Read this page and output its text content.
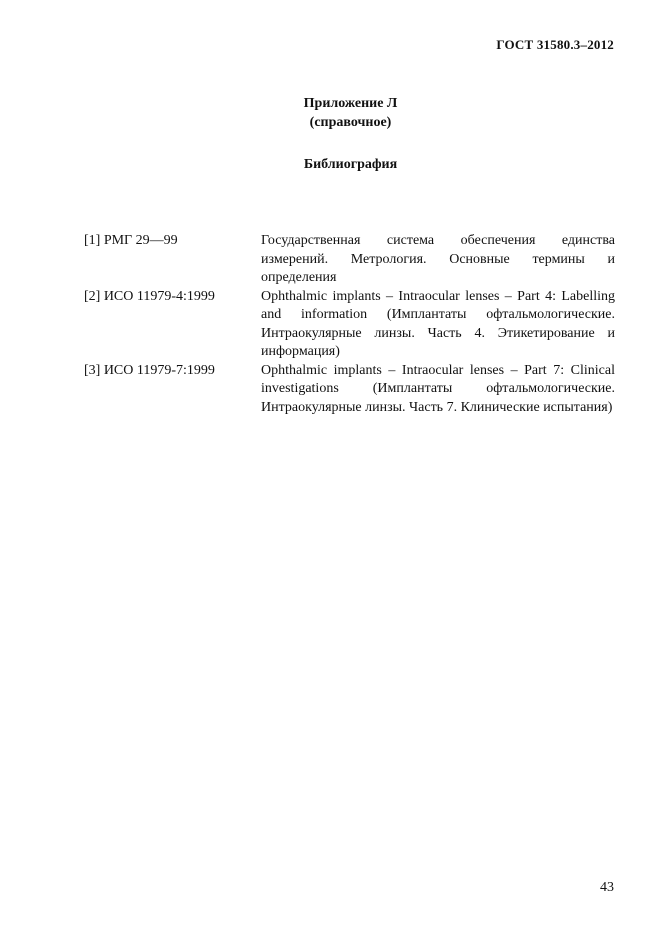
ГОСТ 31580.3–2012
Приложение Л
(справочное)
Библиография
[1] РМГ 29—99	Государственная система обеспечения единства измерений. Метрология. Основные термины и определения
[2] ИСО 11979-4:1999	Ophthalmic implants – Intraocular lenses – Part 4: Labelling and information (Имплантаты офтальмологические. Интраокулярные линзы. Часть 4. Этикетирование и информация)
[3] ИСО 11979-7:1999	Ophthalmic implants – Intraocular lenses – Part 7: Clinical investigations (Имплантаты офтальмологические. Интраокулярные линзы. Часть 7. Клинические испытания)
43
